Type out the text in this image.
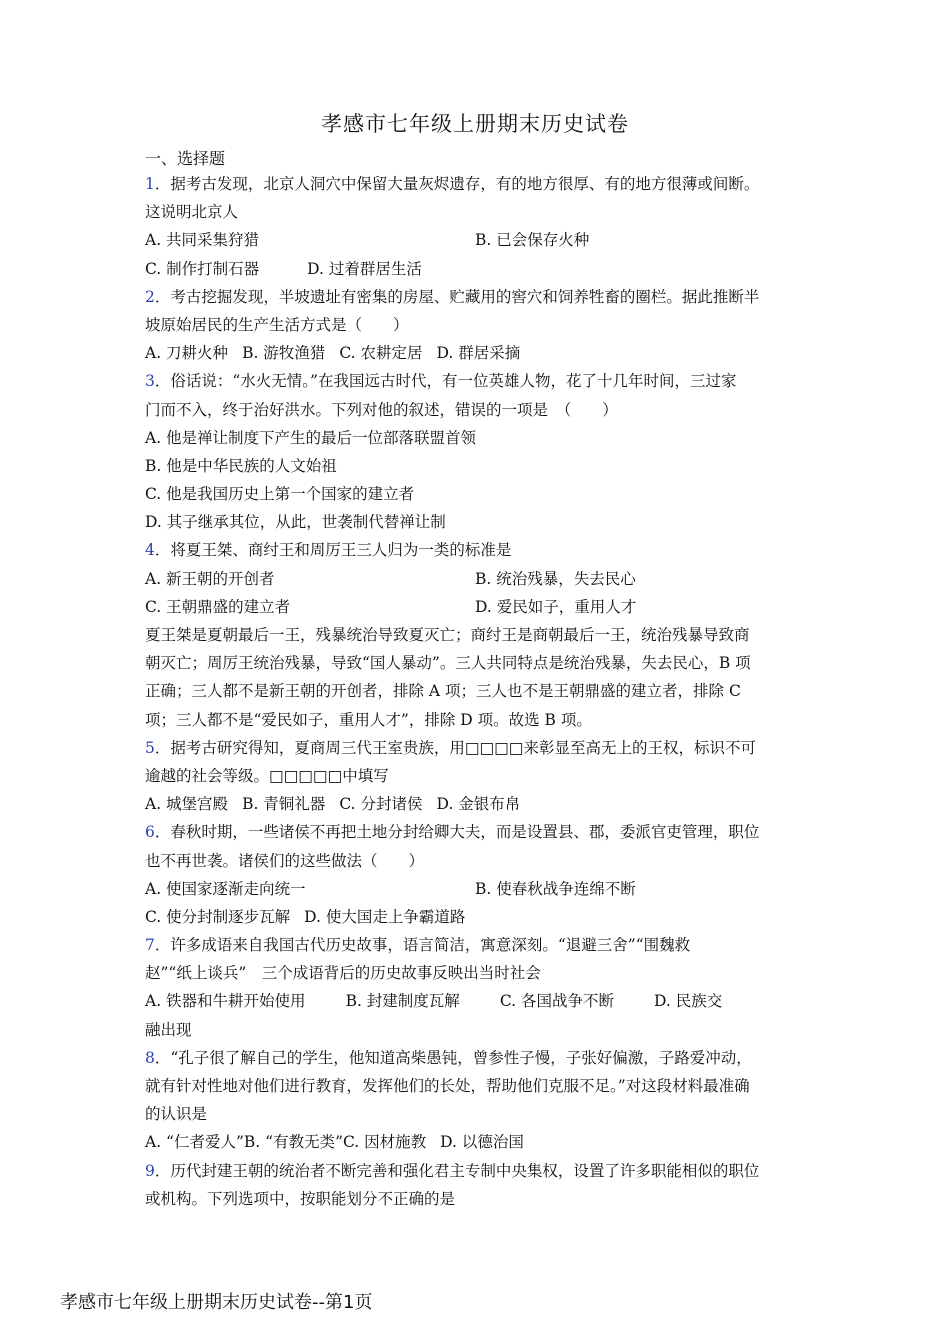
孝感市七年级上册期末历史试卷
一、选择题
1．据考古发现，北京人洞穴中保留大量灰烬遗存，有的地方很厚、有的地方很薄或间断。
这说明北京人
A. 共同采集狩猎	B. 已会保存火种
C. 制作打制石器	D. 过着群居生活
2．考古挖掘发现，半坡遗址有密集的房屋、贮藏用的窖穴和饲养牲畜的圈栏。据此推断半
坡原始居民的生产生活方式是（　　）
A. 刀耕火种 B. 游牧渔猎 C. 农耕定居 D. 群居采摘
3．俗话说：“水火无情。”在我国远古时代，有一位英雄人物，花了十几年时间，三过家
门而不入，终于治好洪水。下列对他的叙述，错误的一项是　（　　）
A. 他是禅让制度下产生的最后一位部落联盟首领
B. 他是中华民族的人文始祖
C. 他是我国历史上第一个国家的建立者
D. 其子继承其位，从此，世袭制代替禅让制
4．将夏王桀、商纣王和周厉王三人归为一类的标准是
A. 新王朝的开创者	B. 统治残暴，失去民心
C. 王朝鼎盛的建立者	D. 爱民如子，重用人才
夏王桀是夏朝最后一王，残暴统治导致夏灭亡；商纣王是商朝最后一王，统治残暴导致商
朝灭亡；周厉王统治残暴，导致“国人暴动”。三人共同特点是统治残暴，失去民心，B 项
正确；三人都不是新王朝的开创者，排除 A 项；三人也不是王朝鼎盛的建立者，排除 C
项；三人都不是“爱民如子，重用人才”，排除 D 项。故选 B 项。
5．据考古研究得知，夏商周三代王室贵族，用□□□□来彰显至高无上的王权，标识不可
逾越的社会等级。□□□□□中填写
A. 城堡宫殿 B. 青铜礼器 C. 分封诸侯 D. 金银布帛
6．春秋时期，一些诸侯不再把土地分封给卿大夫，而是设置县、郡，委派官吏管理，职位
也不再世袭。诸侯们的这些做法（　　）
A. 使国家逐渐走向统一	B. 使春秋战争连绵不断
C. 使分封制逐步瓦解 D. 使大国走上争霸道路
7．许多成语来自我国古代历史故事，语言简洁，寓意深刻。“退避三舍”“围魏救
赵”“纸上谈兵”　三个成语背后的历史故事反映出当时社会
A. 铁器和牛耕开始使用	B. 封建制度瓦解	C. 各国战争不断	D. 民族交
融出现
8．“孔子很了解自己的学生，他知道高柴愚钝，曾参性子慢，子张好偏激，子路爱冲动，
就有针对性地对他们进行教育，发挥他们的长处，帮助他们克服不足。”对这段材料最准确
的认识是
A. “仁者爱人”B. “有教无类”C. 因材施教 D. 以德治国
9．历代封建王朝的统治者不断完善和强化君主专制中央集权，设置了许多职能相似的职位
或机构。下列选项中，按职能划分不正确的是
孝感市七年级上册期末历史试卷--第1页
